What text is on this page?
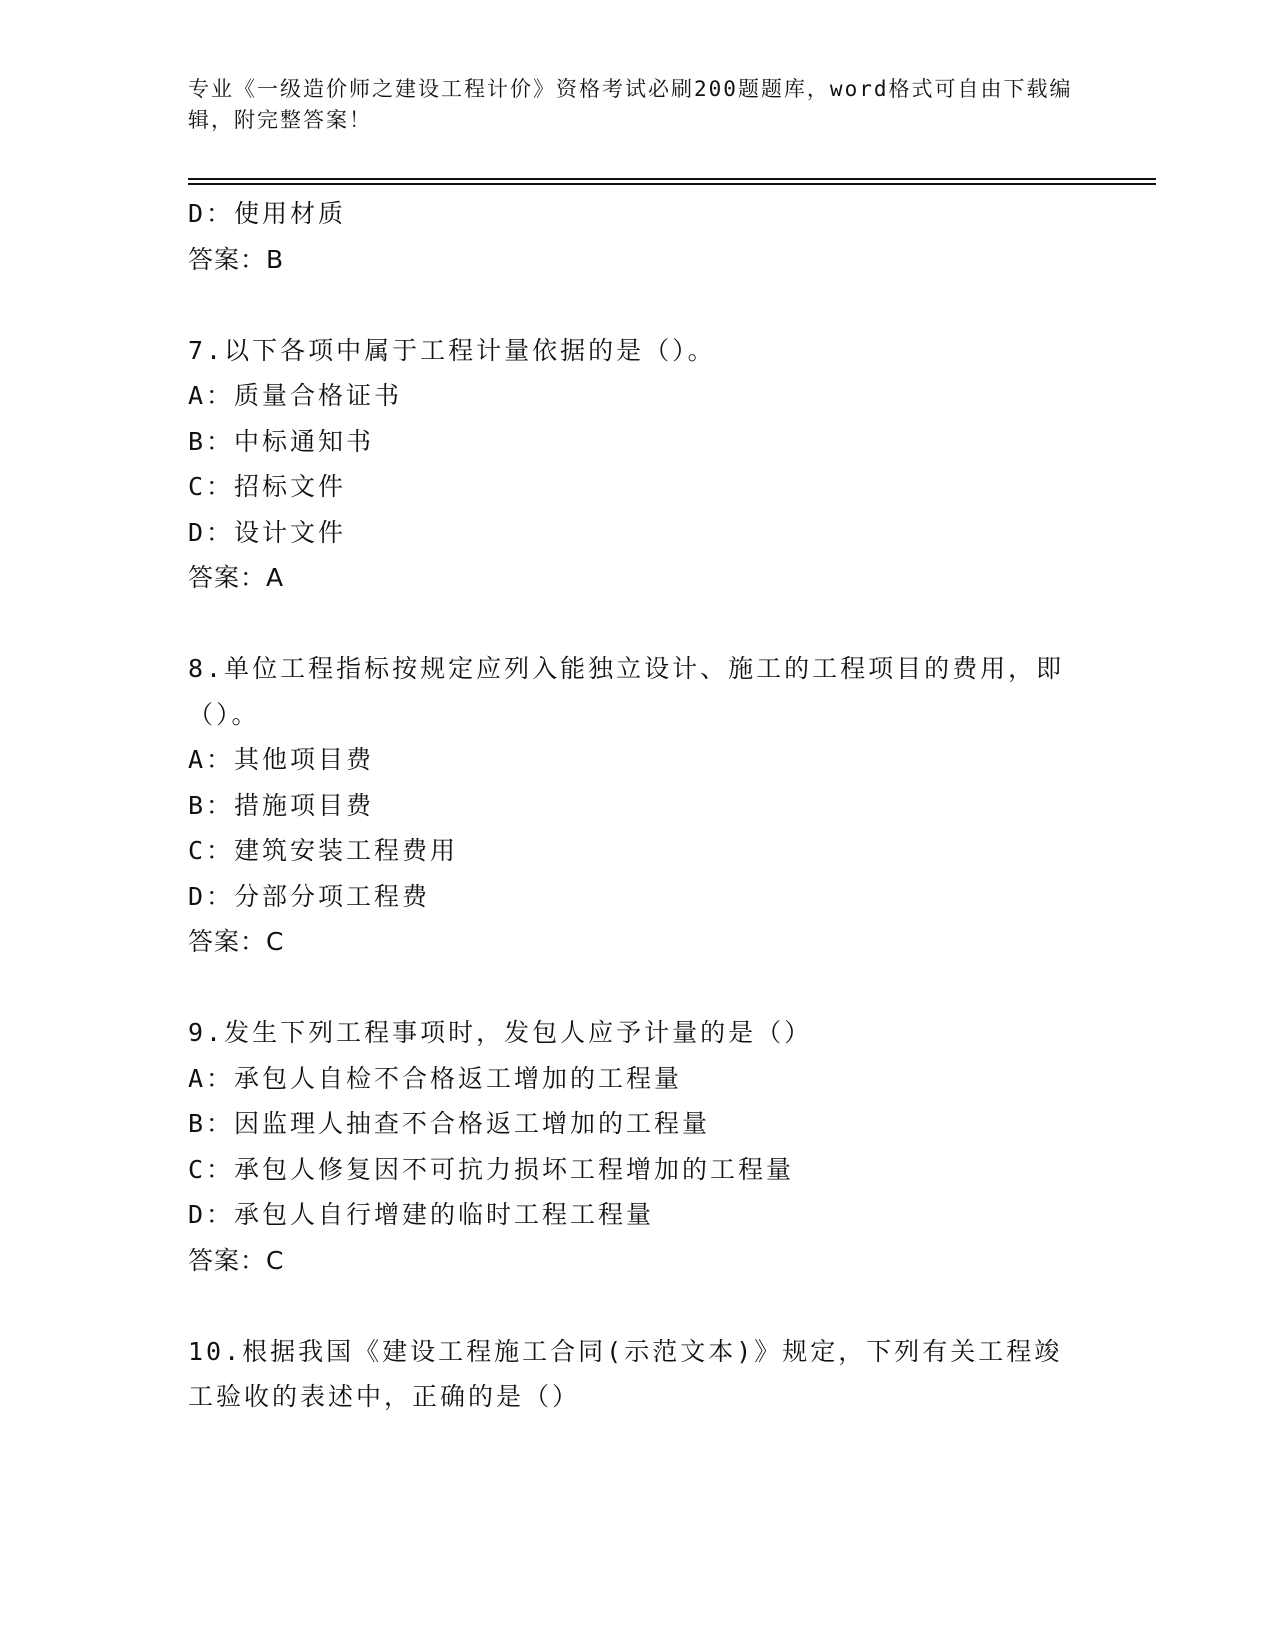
专业《一级造价师之建设工程计价》资格考试必刷200题题库，word格式可自由下载编辑，附完整答案！

D：使用材质

答案：B

7.以下各项中属于工程计量依据的是（）。

A：质量合格证书

B：中标通知书

C：招标文件

D：设计文件

答案：A

8.单位工程指标按规定应列入能独立设计、施工的工程项目的费用，即（）。

A：其他项目费

B：措施项目费

C：建筑安装工程费用

D：分部分项工程费

答案：C

9.发生下列工程事项时，发包人应予计量的是（）

A：承包人自检不合格返工增加的工程量

B：因监理人抽查不合格返工增加的工程量

C：承包人修复因不可抗力损坏工程增加的工程量

D：承包人自行增建的临时工程工程量

答案：C

10.根据我国《建设工程施工合同(示范文本)》规定，下列有关工程竣工验收的表述中，正确的是（）
